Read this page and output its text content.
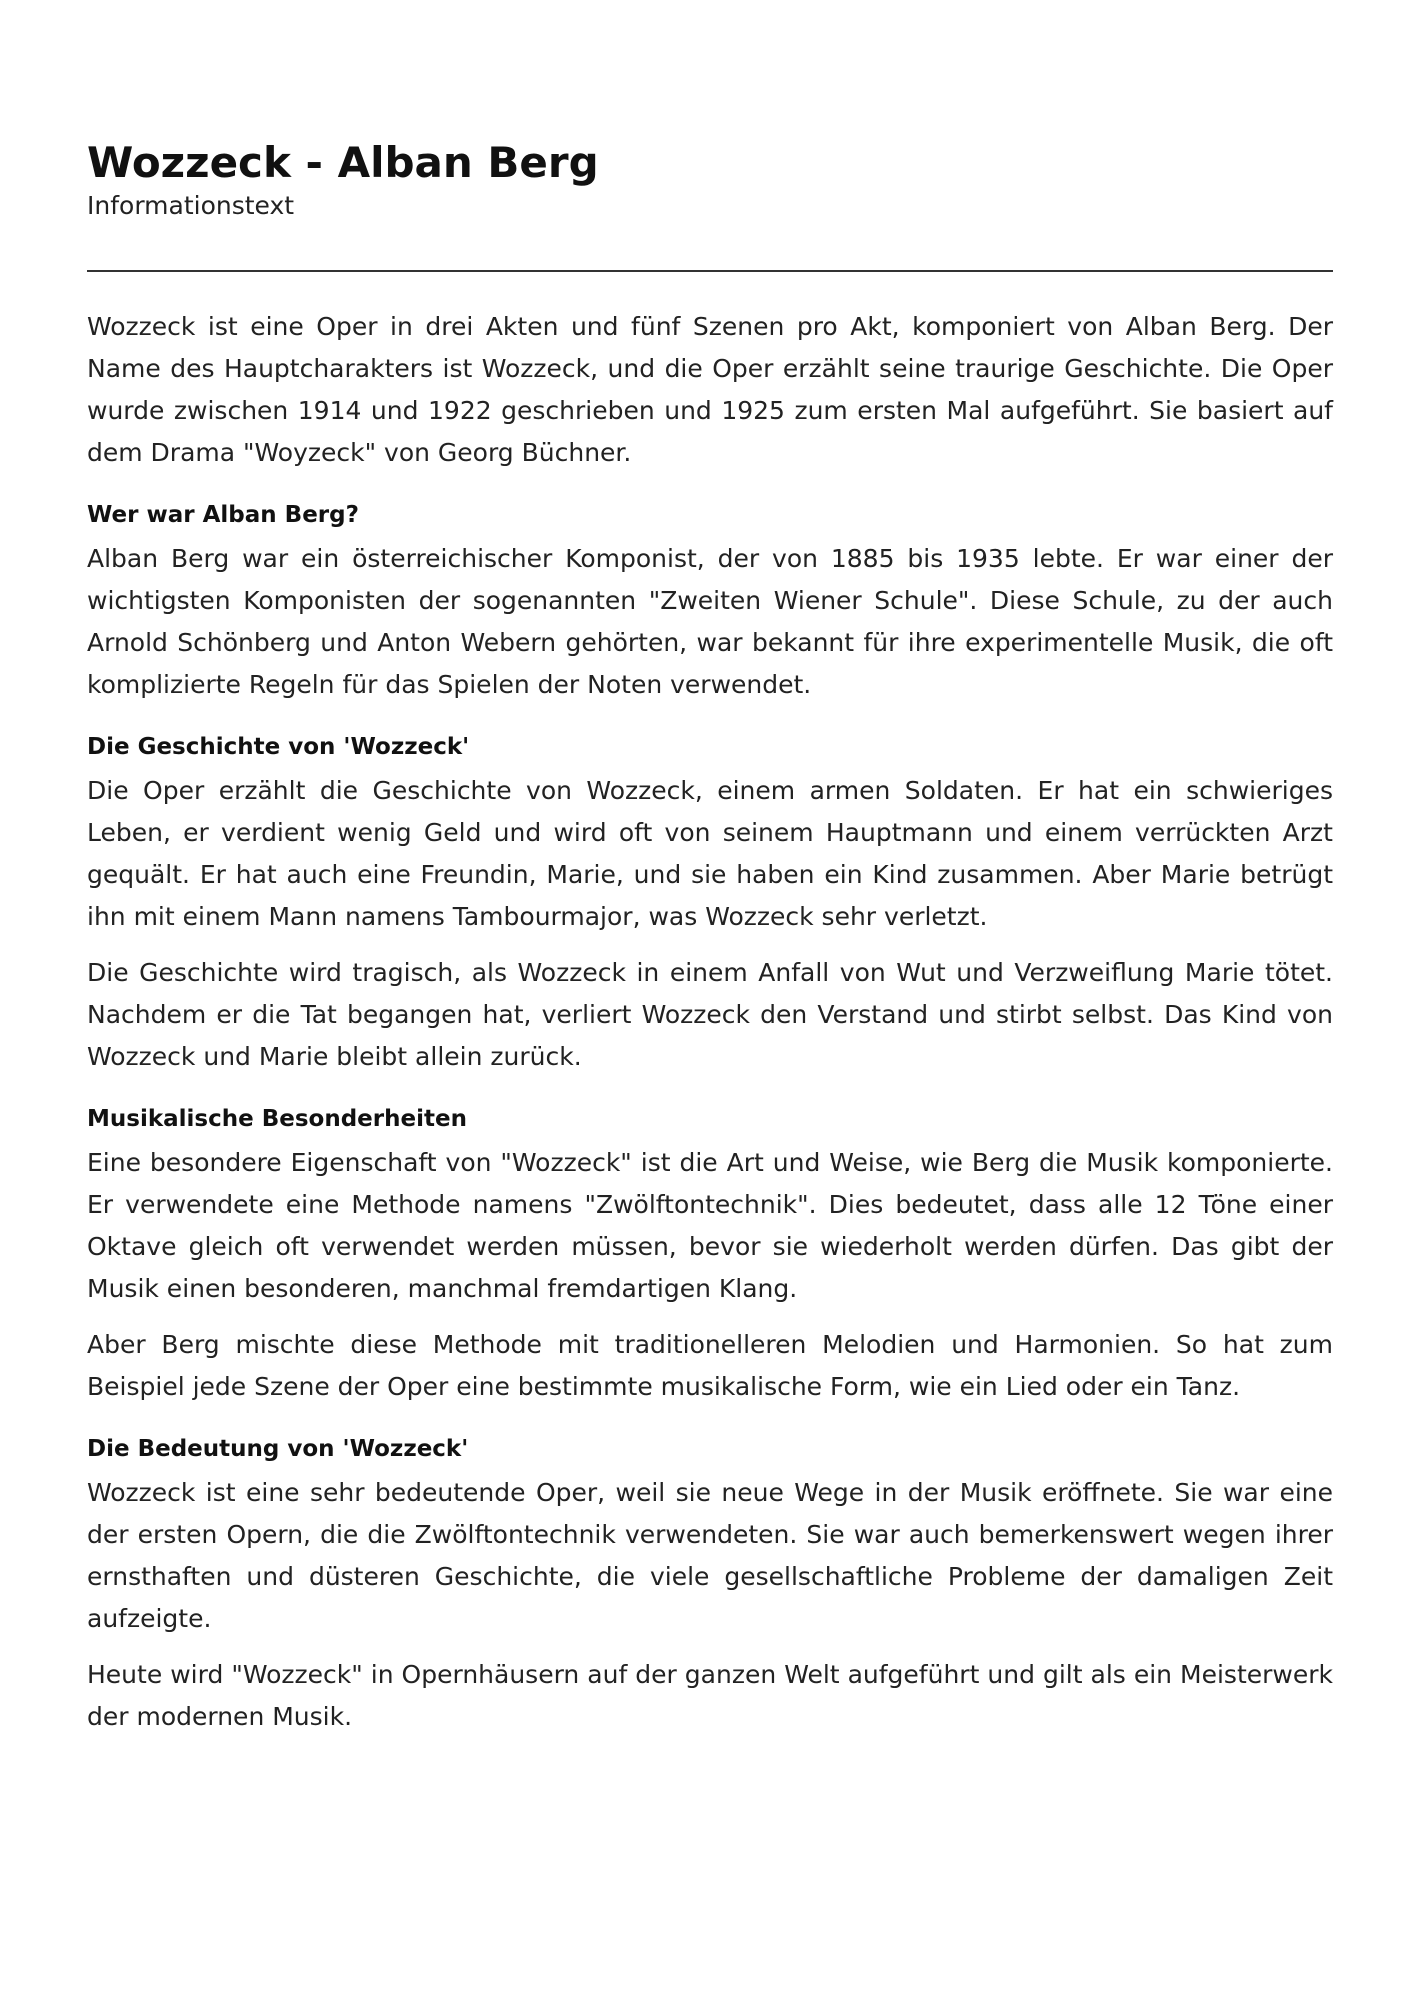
Wozzeck - Alban Berg

Informationstext

Wozzeck ist eine Oper in drei Akten und fünf Szenen pro Akt, komponiert von Alban Berg. Der Name des Hauptcharakters ist Wozzeck, und die Oper erzählt seine traurige Geschichte. Die Oper wurde zwischen 1914 und 1922 geschrieben und 1925 zum ersten Mal aufgeführt. Sie basiert auf dem Drama "Woyzeck" von Georg Büchner.

Wer war Alban Berg?

Alban Berg war ein österreichischer Komponist, der von 1885 bis 1935 lebte. Er war einer der wichtigsten Komponisten der sogenannten "Zweiten Wiener Schule". Diese Schule, zu der auch Arnold Schönberg und Anton Webern gehörten, war bekannt für ihre experimentelle Musik, die oft komplizierte Regeln für das Spielen der Noten verwendet.

Die Geschichte von 'Wozzeck'

Die Oper erzählt die Geschichte von Wozzeck, einem armen Soldaten. Er hat ein schwieriges Leben, er verdient wenig Geld und wird oft von seinem Hauptmann und einem verrückten Arzt gequält. Er hat auch eine Freundin, Marie, und sie haben ein Kind zusammen. Aber Marie betrügt ihn mit einem Mann namens Tambourmajor, was Wozzeck sehr verletzt.

Die Geschichte wird tragisch, als Wozzeck in einem Anfall von Wut und Verzweiflung Marie tötet. Nachdem er die Tat begangen hat, verliert Wozzeck den Verstand und stirbt selbst. Das Kind von Wozzeck und Marie bleibt allein zurück.

Musikalische Besonderheiten

Eine besondere Eigenschaft von "Wozzeck" ist die Art und Weise, wie Berg die Musik komponierte. Er verwendete eine Methode namens "Zwölftontechnik". Dies bedeutet, dass alle 12 Töne einer Oktave gleich oft verwendet werden müssen, bevor sie wiederholt werden dürfen. Das gibt der Musik einen besonderen, manchmal fremdartigen Klang.

Aber Berg mischte diese Methode mit traditionelleren Melodien und Harmonien. So hat zum Beispiel jede Szene der Oper eine bestimmte musikalische Form, wie ein Lied oder ein Tanz.

Die Bedeutung von 'Wozzeck'

Wozzeck ist eine sehr bedeutende Oper, weil sie neue Wege in der Musik eröffnete. Sie war eine der ersten Opern, die die Zwölftontechnik verwendeten. Sie war auch bemerkenswert wegen ihrer ernsthaften und düsteren Geschichte, die viele gesellschaftliche Probleme der damaligen Zeit aufzeigte.

Heute wird "Wozzeck" in Opernhäusern auf der ganzen Welt aufgeführt und gilt als ein Meisterwerk der modernen Musik.
